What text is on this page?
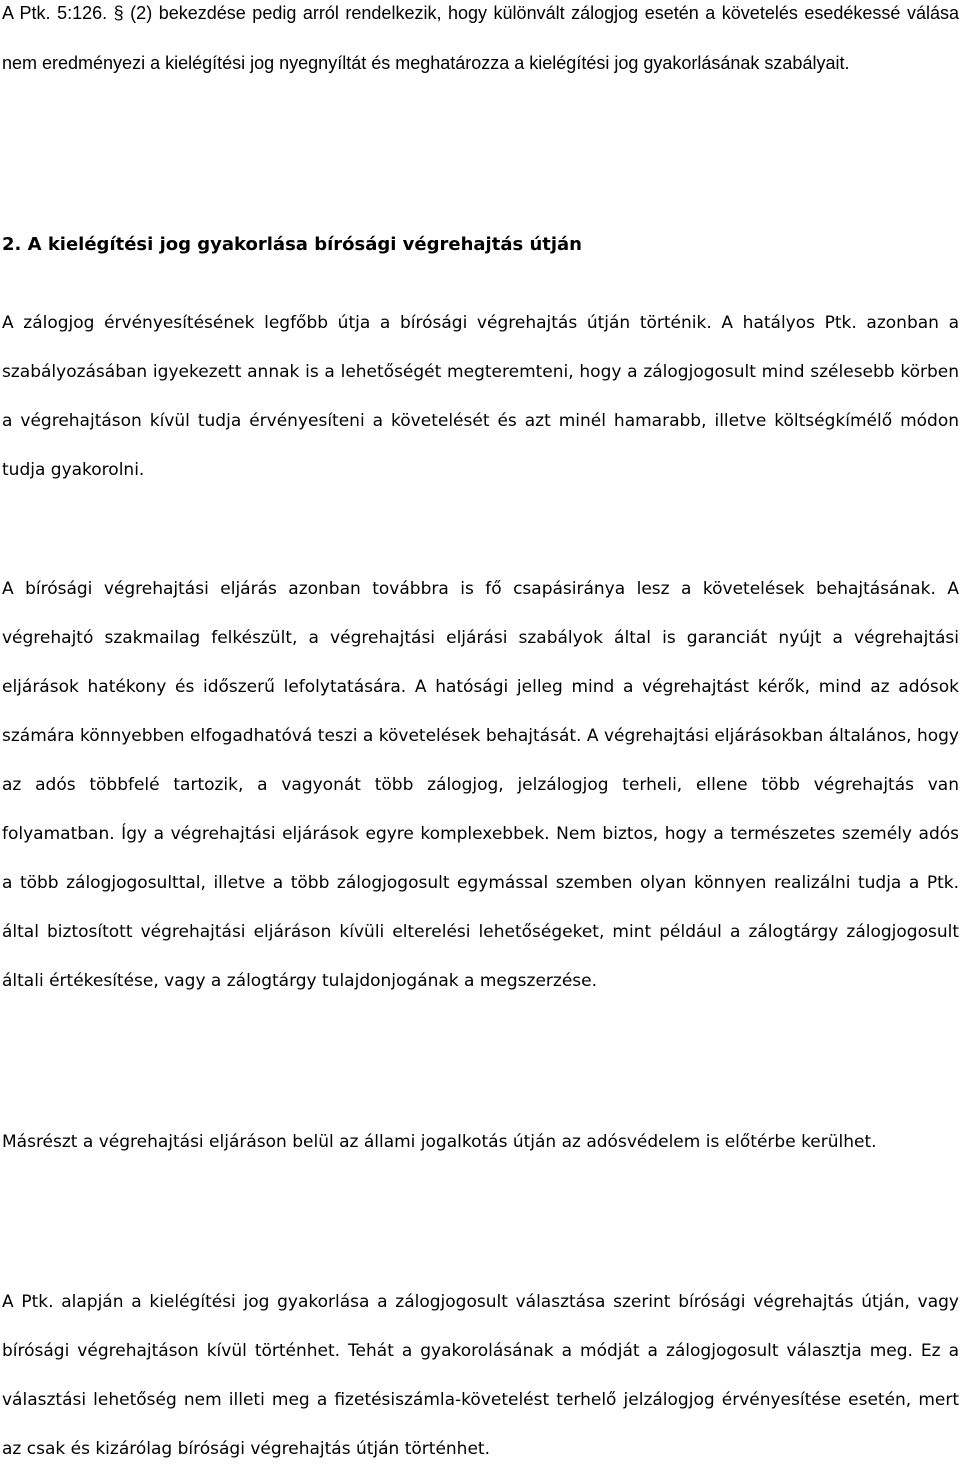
A Ptk. 5:126. § (2) bekezdése pedig arról rendelkezik, hogy különvált zálogjog esetén a követelés esedékessé válása nem eredményezi a kielégítési jog nyegnyíltát és meghatározza a kielégítési jog gyakorlásának szabályait.

2. A kielégítési jog gyakorlása bírósági végrehajtás útján

A zálogjog érvényesítésének legfőbb útja a bírósági végrehajtás útján történik. A hatályos Ptk. azonban a szabályozásában igyekezett annak is a lehetőségét megteremteni, hogy a zálogjogosult mind szélesebb körben a végrehajtáson kívül tudja érvényesíteni a követelését és azt minél hamarabb, illetve költségkímélő módon tudja gyakorolni.

A bírósági végrehajtási eljárás azonban továbbra is fő csapásiránya lesz a követelések behajtásának. A végrehajtó szakmailag felkészült, a végrehajtási eljárási szabályok által is garanciát nyújt a végrehajtási eljárások hatékony és időszerű lefolytatására. A hatósági jelleg mind a végrehajtást kérők, mind az adósok számára könnyebben elfogadhatóvá teszi a követelések behajtását. A végrehajtási eljárásokban általános, hogy az adós többfelé tartozik, a vagyonát több zálogjog, jelzálogjog terheli, ellene több végrehajtás van folyamatban. Így a végrehajtási eljárások egyre komplexebbek. Nem biztos, hogy a természetes személy adós a több zálogjogosulttal, illetve a több zálogjogosult egymással szemben olyan könnyen realizálni tudja a Ptk. által biztosított végrehajtási eljáráson kívüli elterelési lehetőségeket, mint például a zálogtárgy zálogjogosult általi értékesítése, vagy a zálogtárgy tulajdonjogának a megszerzése.

Másrészt a végrehajtási eljáráson belül az állami jogalkotás útján az adósvédelem is előtérbe kerülhet.

A Ptk. alapján a kielégítési jog gyakorlása a zálogjogosult választása szerint bírósági végrehajtás útján, vagy bírósági végrehajtáson kívül történhet. Tehát a gyakorolásának a módját a zálogjogosult választja meg. Ez a választási lehetőség nem illeti meg a fizetésiszámla-követelést terhelő jelzálogjog érvényesítése esetén, mert az csak és kizárólag bírósági végrehajtás útján történhet.
